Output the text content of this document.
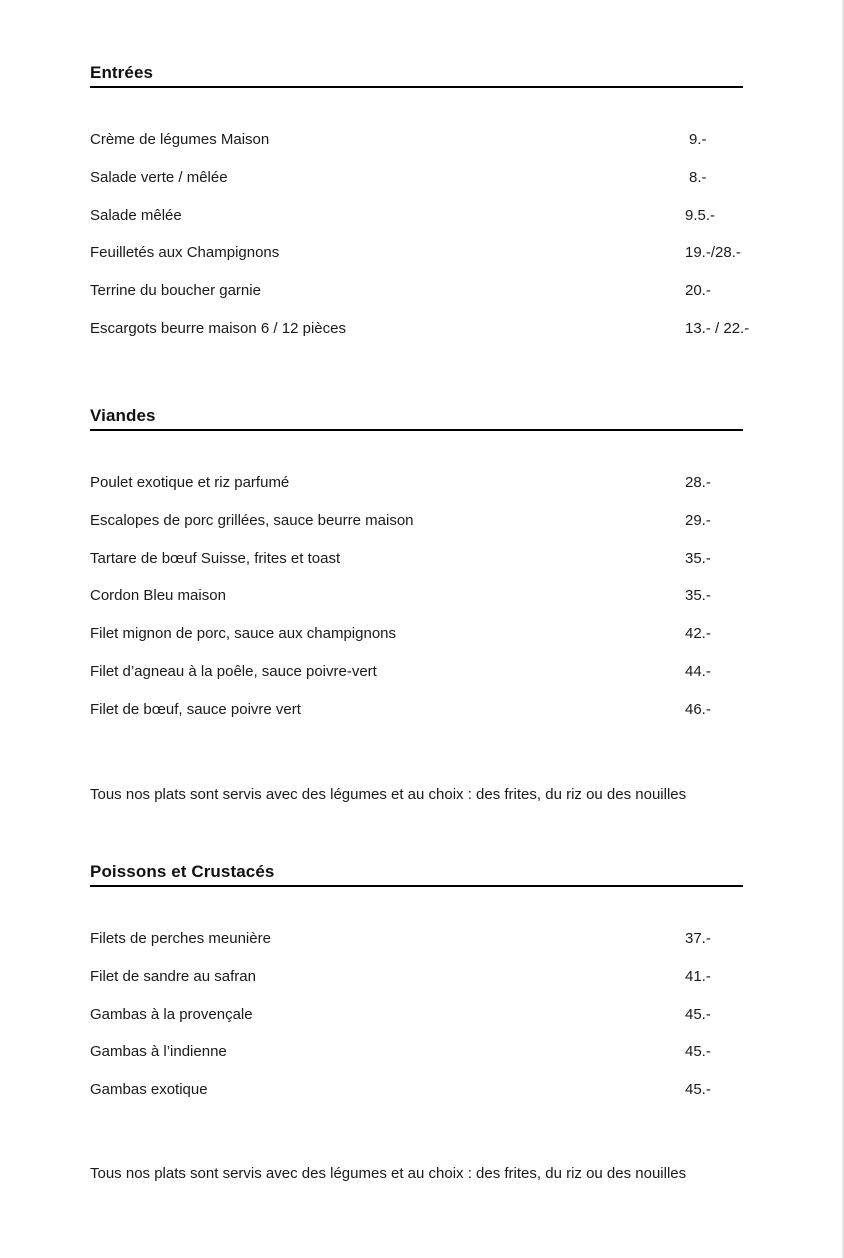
Entrées
Crème de légumes Maison	9.-
Salade verte / mêlée	8.-
Salade mêlée	9.5.-
Feuilletés aux Champignons	19.-/28.-
Terrine du boucher garnie	20.-
Escargots beurre maison 6 / 12 pièces	13.- / 22.-
Viandes
Poulet exotique et riz parfumé	28.-
Escalopes de porc grillées, sauce beurre maison	29.-
Tartare de bœuf Suisse, frites et toast	35.-
Cordon Bleu maison	35.-
Filet mignon de porc, sauce aux champignons	42.-
Filet d’agneau à la poêle, sauce poivre-vert	44.-
Filet de bœuf, sauce poivre vert	46.-
Tous nos plats sont servis avec des légumes et au choix : des frites, du riz ou des nouilles
Poissons et Crustacés
Filets de perches meunière	37.-
Filet de sandre au safran	41.-
Gambas à la provençale	45.-
Gambas à l’indienne	45.-
Gambas exotique	45.-
Tous nos plats sont servis avec des légumes et au choix : des frites, du riz ou des nouilles
